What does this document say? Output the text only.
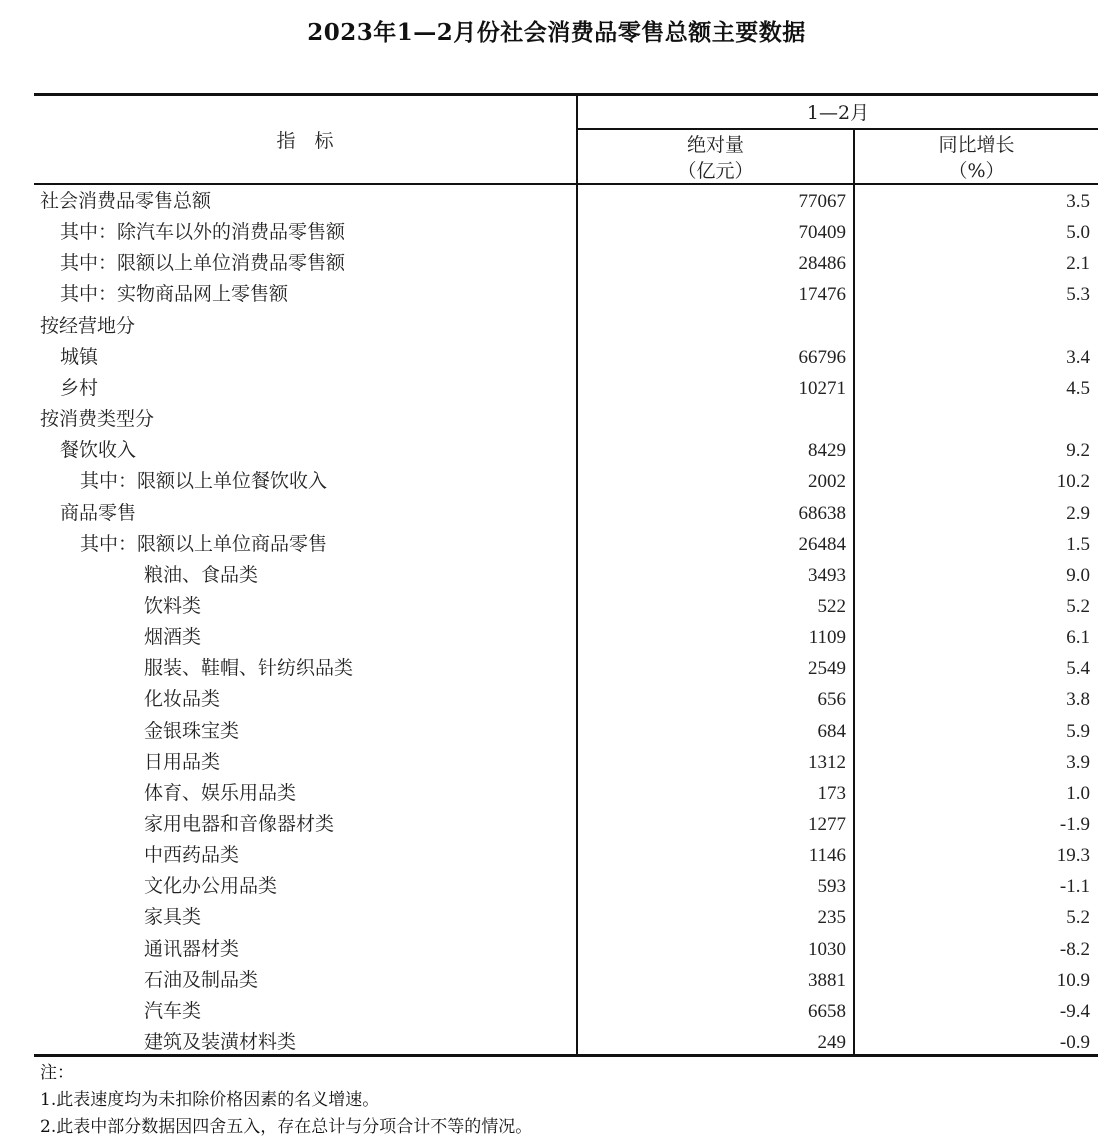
2023年1—2月份社会消费品零售总额主要数据
指　标
1—2月
绝对量
（亿元）
同比增长
（%）
社会消费品零售总额	77067	3.5
其中：除汽车以外的消费品零售额	70409	5.0
其中：限额以上单位消费品零售额	28486	2.1
其中：实物商品网上零售额	17476	5.3
按经营地分
城镇	66796	3.4
乡村	10271	4.5
按消费类型分
餐饮收入	8429	9.2
其中：限额以上单位餐饮收入	2002	10.2
商品零售	68638	2.9
其中：限额以上单位商品零售	26484	1.5
粮油、食品类	3493	9.0
饮料类	522	5.2
烟酒类	1109	6.1
服装、鞋帽、针纺织品类	2549	5.4
化妆品类	656	3.8
金银珠宝类	684	5.9
日用品类	1312	3.9
体育、娱乐用品类	173	1.0
家用电器和音像器材类	1277	-1.9
中西药品类	1146	19.3
文化办公用品类	593	-1.1
家具类	235	5.2
通讯器材类	1030	-8.2
石油及制品类	3881	10.9
汽车类	6658	-9.4
建筑及装潢材料类	249	-0.9
注：
1.此表速度均为未扣除价格因素的名义增速。
2.此表中部分数据因四舍五入，存在总计与分项合计不等的情况。
